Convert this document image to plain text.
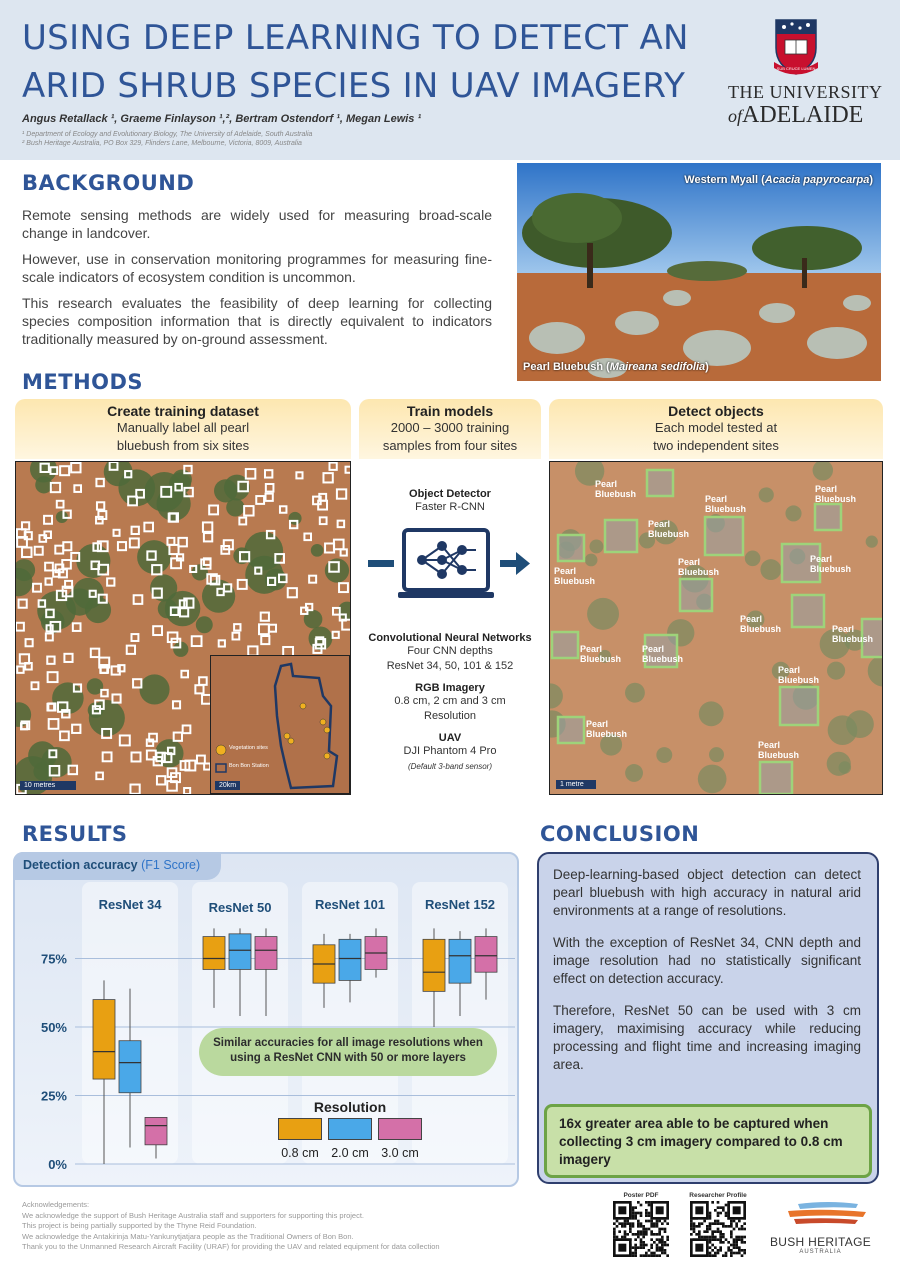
USING DEEP LEARNING TO DETECT AN
ARID SHRUB SPECIES IN UAV IMAGERY
Angus Retallack ¹, Graeme Finlayson ¹,², Bertram Ostendorf ¹, Megan Lewis ¹
¹ Department of Ecology and Evolutionary Biology, The University of Adelaide, South Australia
² Bush Heritage Australia, PO Box 329, Flinders Lane, Melbourne, Victoria, 8009, Australia
SUB CRUCE LUMEN
THE UNIVERSITY
ofADELAIDE
BACKGROUND

Remote sensing methods are widely used for measuring broad-scale change in landcover.

However, use in conservation monitoring programmes for measuring fine-scale indicators of ecosystem condition is uncommon.

This research evaluates the feasibility of deep learning for collecting species composition information that is directly equivalent to indicators traditionally measured by on-ground assessment.

Western Myall (Acacia papyrocarpa)
Pearl Bluebush (Maireana sedifolia)
METHODS
Create training dataset
Manually label all pearl
bluebush from six sites
Train models
2000 – 3000 training
samples from four sites
Detect objects
Each model tested at
two independent sites
Vegetation sites
Bon Bon Station
20km
10 metres
Object Detector
Faster R-CNN
Convolutional Neural Networks
Four CNN depths
ResNet 34, 50, 101 & 152
RGB Imagery
0.8 cm, 2 cm and 3 cm
Resolution
UAV
DJI Phantom 4 Pro
(Default 3-band sensor)
Pearl Bluebush	Pearl Bluebush
Pearl Bluebush
Pearl Bluebush
Pearl Bluebush
Pearl Bluebush
Pearl Bluebush
Pearl Bluebush	Pearl Bluebush
Pearl Bluebush
Pearl Bluebush
Pearl Bluebush
Pearl Bluebush
Pearl Bluebush
1 metre
RESULTS
Detection accuracy (F1 Score)
ResNet 34	ResNet 50	ResNet 101	ResNet 152
0%
25%
50%
75%
Similar accuracies for all image resolutions when
using a ResNet CNN with 50 or more layers
Resolution
0.8 cm 2.0 cm 3.0 cm
CONCLUSION

Deep-learning-based object detection can detect pearl bluebush with high accuracy in natural arid environments at a range of resolutions.

With the exception of ResNet 34, CNN depth and image resolution had no statistically significant effect on detection accuracy.

Therefore, ResNet 50 can be used with 3 cm imagery, maximising accuracy while reducing processing and flight time and increasing imaging area.

16x greater area able to be captured when collecting 3 cm imagery compared to 0.8 cm imagery
Acknowledgements:
We acknowledge the support of Bush Heritage Australia staff and supporters for supporting this project.
This project is being partially supported by the Thyne Reid Foundation.
We acknowledge the Antakirinja Matu-Yankunytjatjara people as the Traditional Owners of Bon Bon.
Thank you to the Unmanned Research Aircraft Facility (URAF) for providing the UAV and related equipment for data collection
Poster PDF	Researcher Profile
BUSH HERITAGE
AUSTRALIA
